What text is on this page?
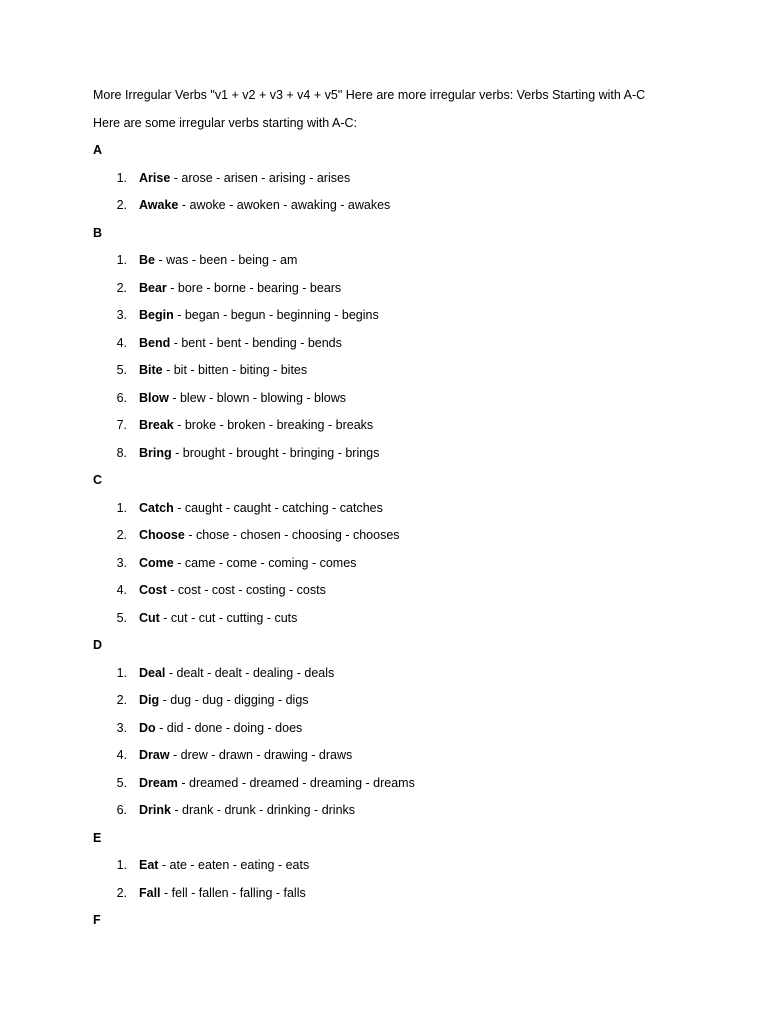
More Irregular Verbs "v1 + v2 + v3 + v4 + v5" Here are more irregular verbs: Verbs Starting with A-C

Here are some irregular verbs starting with A-C:

A
1. Arise - arose - arisen - arising - arises
2. Awake - awoke - awoken - awaking - awakes
B
1. Be - was - been - being - am
2. Bear - bore - borne - bearing - bears
3. Begin - began - begun - beginning - begins
4. Bend - bent - bent - bending - bends
5. Bite - bit - bitten - biting - bites
6. Blow - blew - blown - blowing - blows
7. Break - broke - broken - breaking - breaks
8. Bring - brought - brought - bringing - brings
C
1. Catch - caught - caught - catching - catches
2. Choose - chose - chosen - choosing - chooses
3. Come - came - come - coming - comes
4. Cost - cost - cost - costing - costs
5. Cut - cut - cut - cutting - cuts
D
1. Deal - dealt - dealt - dealing - deals
2. Dig - dug - dug - digging - digs
3. Do - did - done - doing - does
4. Draw - drew - drawn - drawing - draws
5. Dream - dreamed - dreamed - dreaming - dreams
6. Drink - drank - drunk - drinking - drinks
E
1. Eat - ate - eaten - eating - eats
2. Fall - fell - fallen - falling - falls
F
